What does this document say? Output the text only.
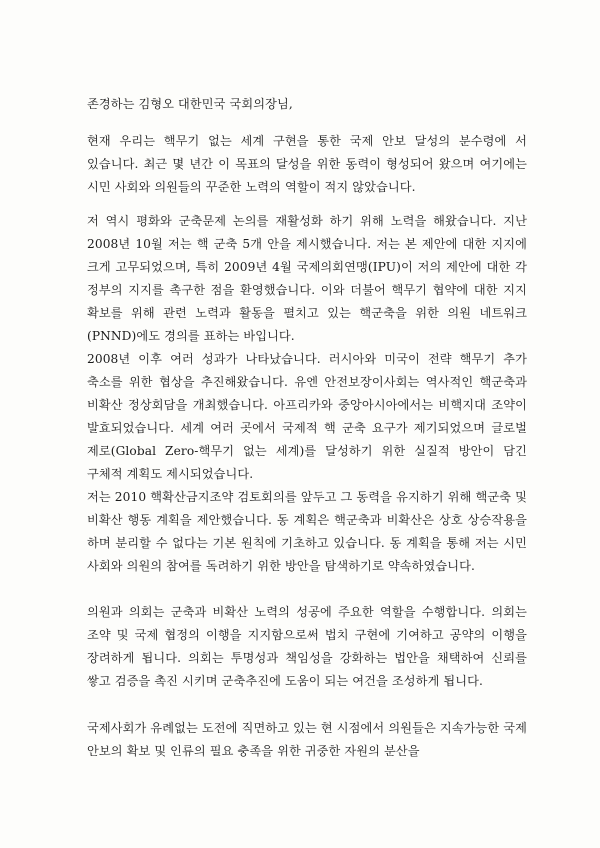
존경하는 김형오 대한민국 국회의장님,

현재 우리는 핵무기 없는 세계 구현을 통한 국제 안보 달성의 분수령에 서 있습니다. 최근 몇 년간 이 목표의 달성을 위한 동력이 형성되어 왔으며 여기에는 시민 사회와 의원들의 꾸준한 노력의 역할이 적지 않았습니다.

저 역시 평화와 군축문제 논의를 재활성화 하기 위해 노력을 해왔습니다. 지난 2008년 10월 저는 핵 군축 5개 안을 제시했습니다. 저는 본 제안에 대한 지지에 크게 고무되었으며, 특히 2009년 4월 국제의회연맹(IPU)이 저의 제안에 대한 각 정부의 지지를 촉구한 점을 환영했습니다. 이와 더불어 핵무기 협약에 대한 지지 확보를 위해 관련 노력과 활동을 펼치고 있는 핵군축을 위한 의원 네트워크(PNND)에도 경의를 표하는 바입니다.

2008년 이후 여러 성과가 나타났습니다. 러시아와 미국이 전략 핵무기 추가 축소를 위한 협상을 추진해왔습니다. 유엔 안전보장이사회는 역사적인 핵군축과 비확산 정상회담을 개최했습니다. 아프리카와 중앙아시아에서는 비핵지대 조약이 발효되었습니다. 세계 여러 곳에서 국제적 핵 군축 요구가 제기되었으며 글로벌 제로(Global Zero-핵무기 없는 세계)를 달성하기 위한 실질적 방안이 담긴 구체적 계획도 제시되었습니다.

저는 2010 핵확산금지조약 검토회의를 앞두고 그 동력을 유지하기 위해 핵군축 및 비확산 행동 계획을 제안했습니다. 동 계획은 핵군축과 비확산은 상호 상승작용을 하며 분리할 수 없다는 기본 원칙에 기초하고 있습니다. 동 계획을 통해 저는 시민 사회와 의원의 참여를 독려하기 위한 방안을 탐색하기로 약속하였습니다.

의원과 의회는 군축과 비확산 노력의 성공에 주요한 역할을 수행합니다. 의회는 조약 및 국제 협정의 이행을 지지함으로써 법치 구현에 기여하고 공약의 이행을 장려하게 됩니다. 의회는 투명성과 책임성을 강화하는 법안을 채택하여 신뢰를 쌓고 검증을 촉진 시키며 군축추진에 도움이 되는 여건을 조성하게 됩니다.

국제사회가 유례없는 도전에 직면하고 있는 현 시점에서 의원들은 지속가능한 국제 안보의 확보 및 인류의 필요 충족을 위한 귀중한 자원의 분산을
